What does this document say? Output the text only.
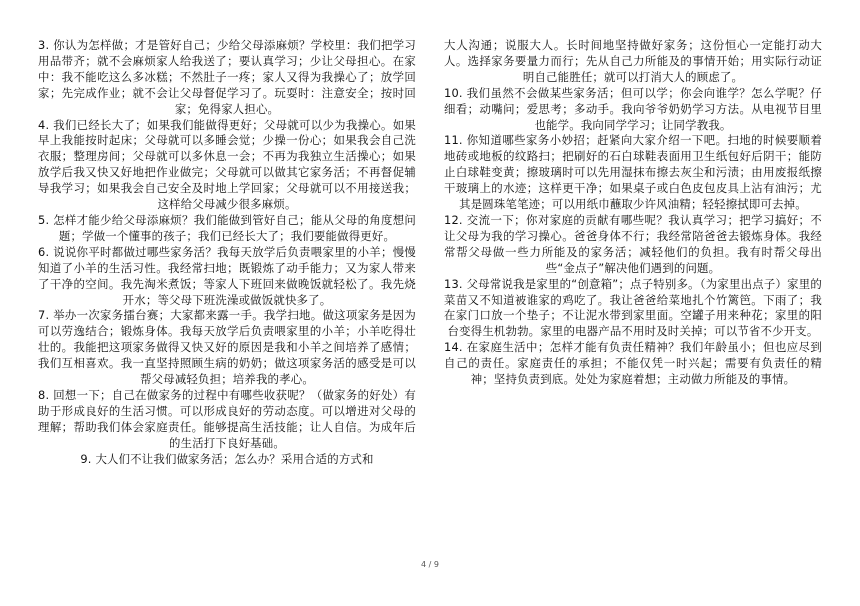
3. 你认为怎样做；才是管好自己；少给父母添麻烦？学校里：我们把学习用品带齐；就不会麻烦家人给我送了；要认真学习；少让父母担心。在家中：我不能吃这么多冰糕；不然肚子一疼；家人又得为我操心了；放学回家；先完成作业；就不会让父母督促学习了。玩耍时：注意安全；按时回家；免得家人担心。

4. 我们已经长大了；如果我们能做得更好；父母就可以少为我操心。如果早上我能按时起床；父母就可以多睡会觉；少操一份心；如果我会自己洗衣服；整理房间；父母就可以多休息一会；不再为我独立生活操心；如果放学后我又快又好地把作业做完；父母就可以做其它家务活；不再督促辅导我学习；如果我会自己安全及时地上学回家；父母就可以不用接送我；这样给父母减少很多麻烦。

5. 怎样才能少给父母添麻烦？我们能做到管好自己；能从父母的角度想问题；学做一个懂事的孩子；我们已经长大了；我们要能做得更好。

6. 说说你平时都做过哪些家务活？我每天放学后负责喂家里的小羊；慢慢知道了小羊的生活习性。我经常扫地；既锻炼了动手能力；又为家人带来了干净的空间。我先淘米煮饭；等家人下班回来做晚饭就轻松了。我先烧开水；等父母下班洗澡或做饭就快多了。

7. 举办一次家务擂台赛；大家都来露一手。我学扫地。做这项家务是因为可以劳逸结合；锻炼身体。我每天放学后负责喂家里的小羊；小羊吃得壮壮的。我能把这项家务做得又快又好的原因是我和小羊之间培养了感情；我们互相喜欢。我一直坚持照顾生病的奶奶；做这项家务活的感受是可以帮父母减轻负担；培养我的孝心。

8. 回想一下；自己在做家务的过程中有哪些收获呢？（做家务的好处）有助于形成良好的生活习惯。可以形成良好的劳动态度。可以增进对父母的理解；帮助我们体会家庭责任。能够提高生活技能；让人自信。为成年后的生活打下良好基础。

9. 大人们不让我们做家务活；怎么办？采用合适的方式和

大人沟通；说服大人。长时间地坚持做好家务；这份恒心一定能打动大人。选择家务要量力而行；先从自己力所能及的事情开始；用实际行动证明自己能胜任；就可以打消大人的顾虑了。

10. 我们虽然不会做某些家务活；但可以学；你会向谁学？怎么学呢？仔细看；动嘴问；爱思考；多动手。我向爷爷奶奶学习方法。从电视节目里也能学。我向同学学习；让同学教我。

11. 你知道哪些家务小妙招；赶紧向大家介绍一下吧。扫地的时候要顺着地砖或地板的纹路扫；把刷好的石白球鞋表面用卫生纸包好后阴干；能防止白球鞋变黄；擦玻璃时可以先用湿抹布擦去灰尘和污渍；由用废报纸擦干玻璃上的水迹；这样更干净；如果桌子或白色皮包皮具上沾有油污；尤其是圆珠笔笔迹；可以用纸巾蘸取少许风油精；轻轻擦拭即可去掉。

12. 交流一下；你对家庭的贡献有哪些呢？我认真学习；把学习搞好；不让父母为我的学习操心。爸爸身体不行；我经常陪爸爸去锻炼身体。我经常帮父母做一些力所能及的家务活；减轻他们的负担。我有时帮父母出些“金点子”解决他们遇到的问题。

13. 父母常说我是家里的“创意箱”；点子特别多。（为家里出点子）家里的菜苗又不知道被谁家的鸡吃了。我让爸爸给菜地扎个竹篱笆。下雨了；我在家门口放一个垫子；不让泥水带到家里面。空罐子用来种花；家里的阳台变得生机勃勃。家里的电器产品不用时及时关掉；可以节省不少开支。

14. 在家庭生活中；怎样才能有负责任精神？我们年龄虽小；但也应尽到自己的责任。家庭责任的承担；不能仅凭一时兴起；需要有负责任的精神；坚持负责到底。处处为家庭着想；主动做力所能及的事情。

4 / 9
